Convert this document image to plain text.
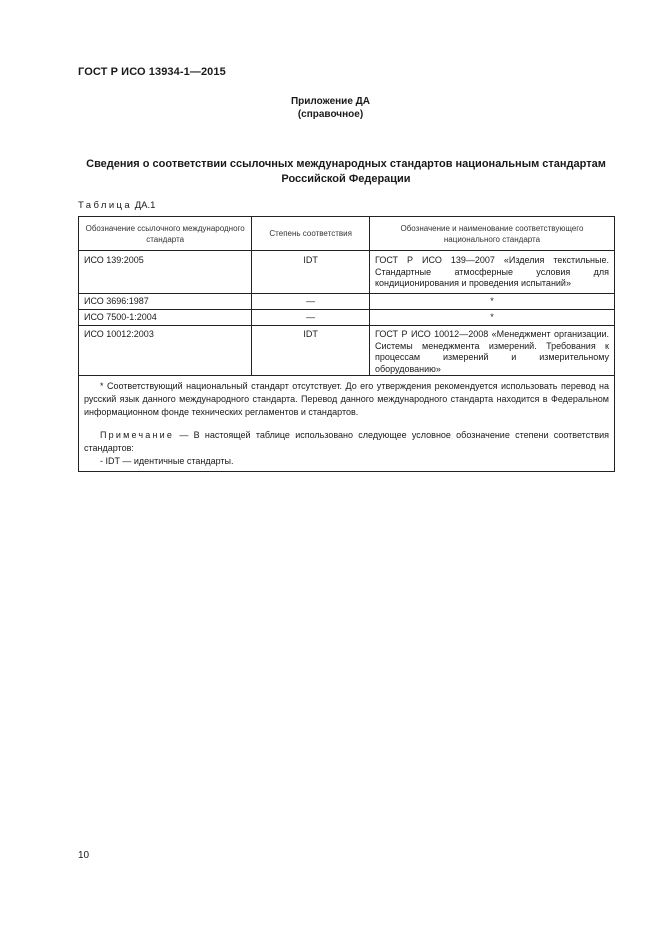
ГОСТ Р ИСО 13934-1—2015
Приложение ДА
(справочное)
Сведения о соответствии ссылочных международных стандартов национальным стандартам
Российской Федерации
Таблица ДА.1
Обозначение ссылочного международного стандарта	Степень соответствия	Обозначение и наименование соответствующего национального стандарта
ИСО 139:2005	IDT	ГОСТ Р ИСО 139—2007 «Изделия текстильные. Стандартные атмосферные условия для кондиционирования и проведения испытаний»
ИСО 3696:1987	—	*
ИСО 7500-1:2004	—	*
ИСО 10012:2003	IDT	ГОСТ Р ИСО 10012—2008 «Менеджмент организации. Системы менеджмента измерений. Требования к процессам измерений и измерительному оборудованию»

* Соответствующий национальный стандарт отсутствует. До его утверждения рекомендуется использовать перевод на русский язык данного международного стандарта. Перевод данного международного стандарта находится в Федеральном информационном фонде технических регламентов и стандартов.

Примечание — В настоящей таблице использовано следующее условное обозначение степени соответствия стандартов:

- IDT — идентичные стандарты.		

10
